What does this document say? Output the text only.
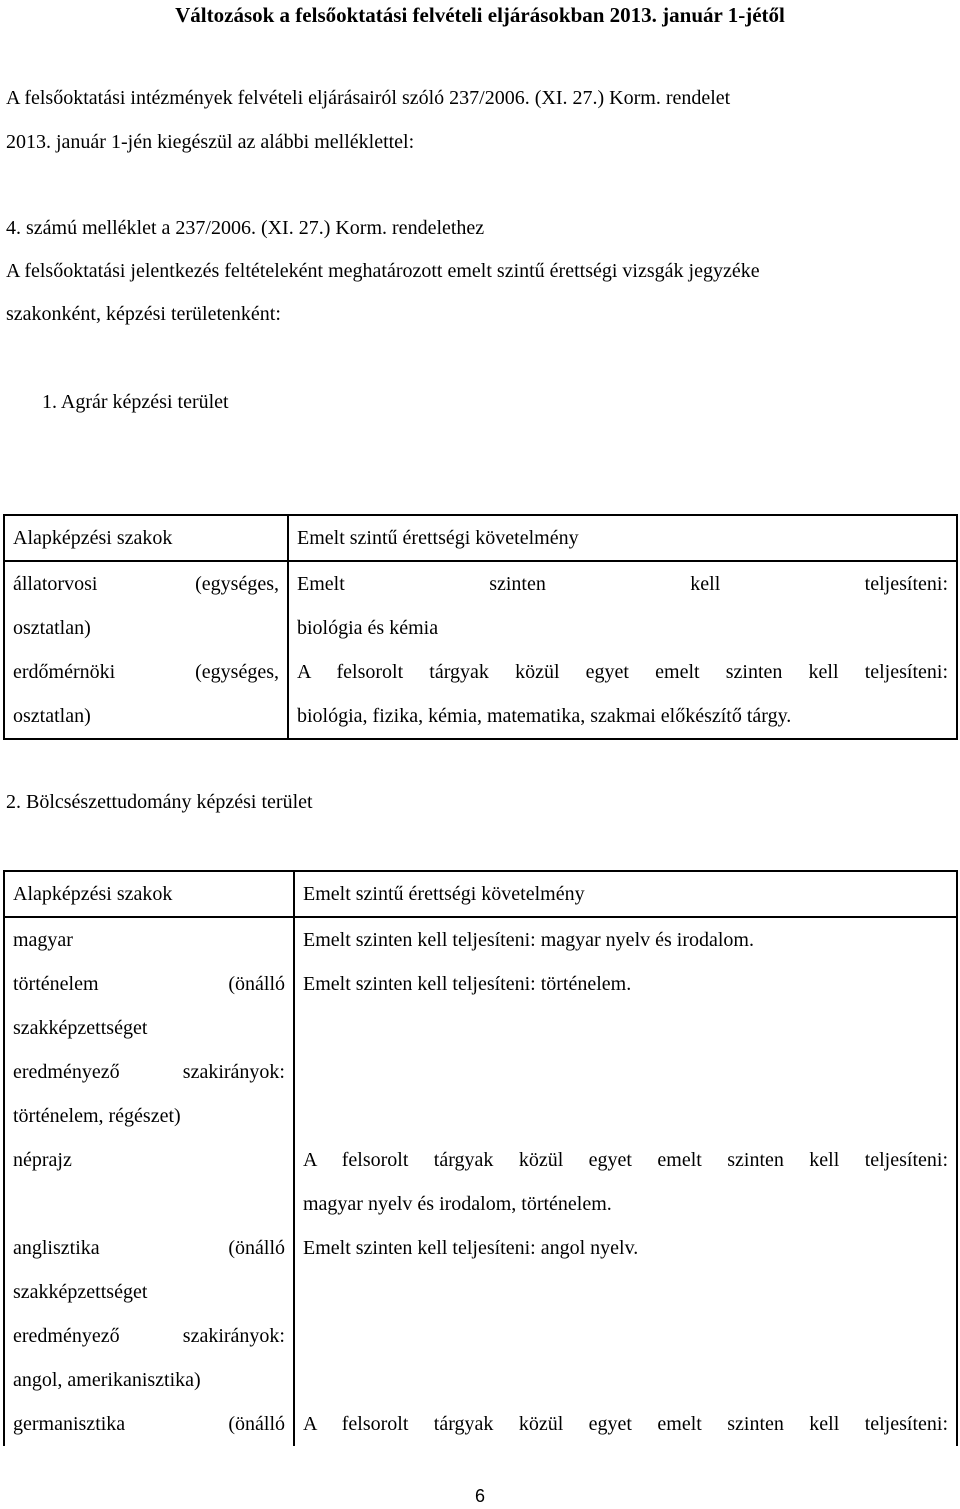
Változások a felsőoktatási felvételi eljárásokban 2013. január 1-jétől
A felsőoktatási intézmények felvételi eljárásairól szóló 237/2006. (XI. 27.) Korm. rendelet
2013. január 1-jén kiegészül az alábbi melléklettel:
4. számú melléklet a 237/2006. (XI. 27.) Korm. rendelethez
A felsőoktatási jelentkezés feltételeként meghatározott emelt szintű érettségi vizsgák jegyzéke
szakonként, képzési területenként:
1. Agrár képzési terület
Alapképzési szakok	Emelt szintű érettségi követelmény

állatorvosi (egységes,
osztatlan)	Emelt szinten kell teljesíteni:
biológia és kémia

erdőmérnöki (egységes,
osztatlan)	A felsorolt tárgyak közül egyet emelt szinten kell teljesíteni:
biológia, fizika, kémia, matematika, szakmai előkészítő tárgy.
2. Bölcsészettudomány képzési terület
Alapképzési szakok	Emelt szintű érettségi követelmény
magyar	Emelt szinten kell teljesíteni: magyar nyelv és irodalom.

történelem (önálló
szakképzettséget
eredményező szakirányok:
történelem, régészet)	Emelt szinten kell teljesíteni: történelem.
néprajz	A felsorolt tárgyak közül egyet emelt szinten kell teljesíteni:
magyar nyelv és irodalom, történelem.

anglisztika (önálló
szakképzettséget
eredményező szakirányok:
angol, amerikanisztika)	Emelt szinten kell teljesíteni: angol nyelv.

germanisztika (önálló	A felsorolt tárgyak közül egyet emelt szinten kell teljesíteni:
6
